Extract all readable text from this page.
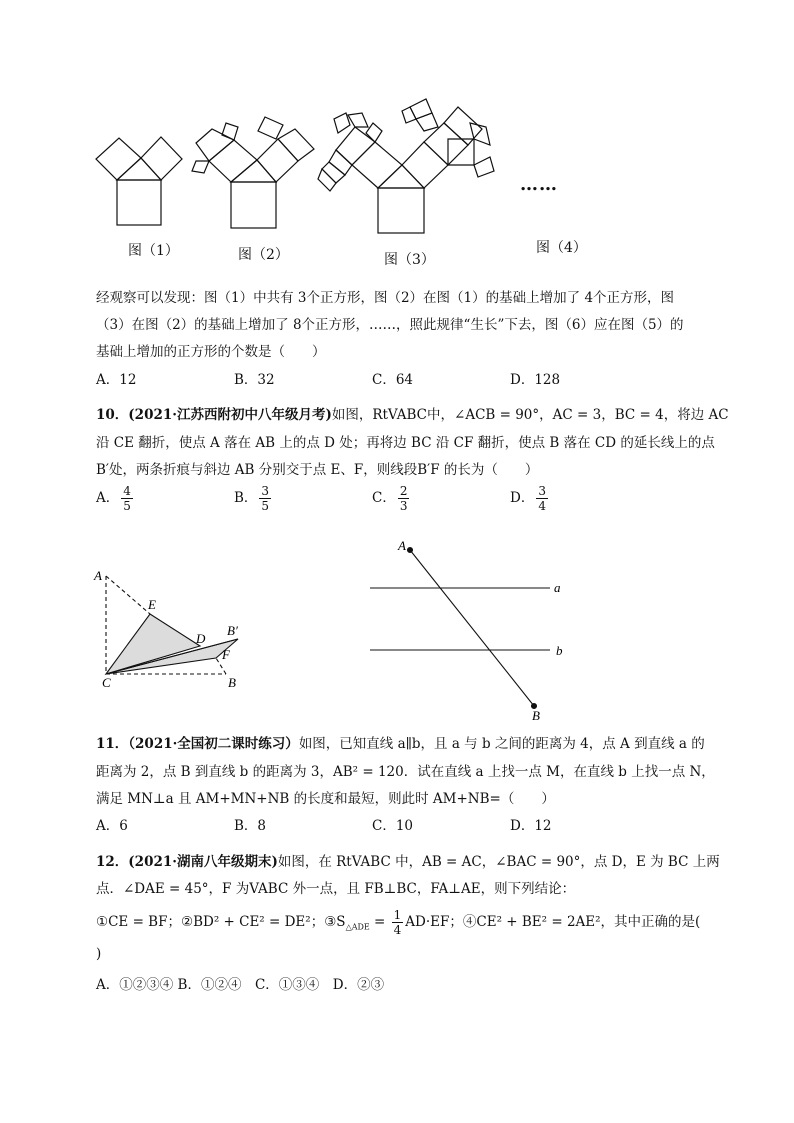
图（1）	图（2）	图（3）
图（4）
……
经观察可以发现：图（1）中共有 3个正方形，图（2）在图（1）的基础上增加了 4个正方形，图
（3）在图（2）的基础上增加了 8个正方形，……，照此规律“生长”下去，图（6）应在图（5）的
基础上增加的正方形的个数是（　　）
A．12	B．32	C．64	D．128
10．(2021·江苏西附初中八年级月考)如图，RtVABC中，∠ACB = 90°，AC = 3，BC = 4，将边 AC
沿 CE 翻折，使点 A 落在 AB 上的点 D 处；再将边 BC 沿 CF 翻折，使点 B 落在 CD 的延长线上的点
B′处，两条折痕与斜边 AB 分别交于点 E、F，则线段B′F 的长为（　　）
A． $\frac{4}{5}$	B． $\frac{3}{5}$	C． $\frac{2}{3}$	D． $\frac{3}{4}$
A
E
D
B′
F
C	B
A
a
b
B
11．（2021·全国初二课时练习）如图，已知直线 a∥b，且 a 与 b 之间的距离为 4，点 A 到直线 a 的
距离为 2，点 B 到直线 b 的距离为 3，AB² = 120．试在直线 a 上找一点 M，在直线 b 上找一点 N，
满足 MN⊥a 且 AM+MN+NB 的长度和最短，则此时 AM+NB=（　　）
A．6	B．8	C．10	D．12
12．(2021·湖南八年级期末)如图，在 RtVABC 中，AB = AC，∠BAC = 90°，点 D，E 为 BC 上两
点．∠DAE = 45°，F 为VABC 外一点，且 FB⊥BC，FA⊥AE，则下列结论：
①CE = BF；②BD² + CE² = DE²；$③S_{\triangle ADE} = \frac{1}{4} AD\cdot EF$；④CE² + BE² = 2AE²，其中正确的是(
)
A．①②③④ B．①②④　C．①③④　D．②③
